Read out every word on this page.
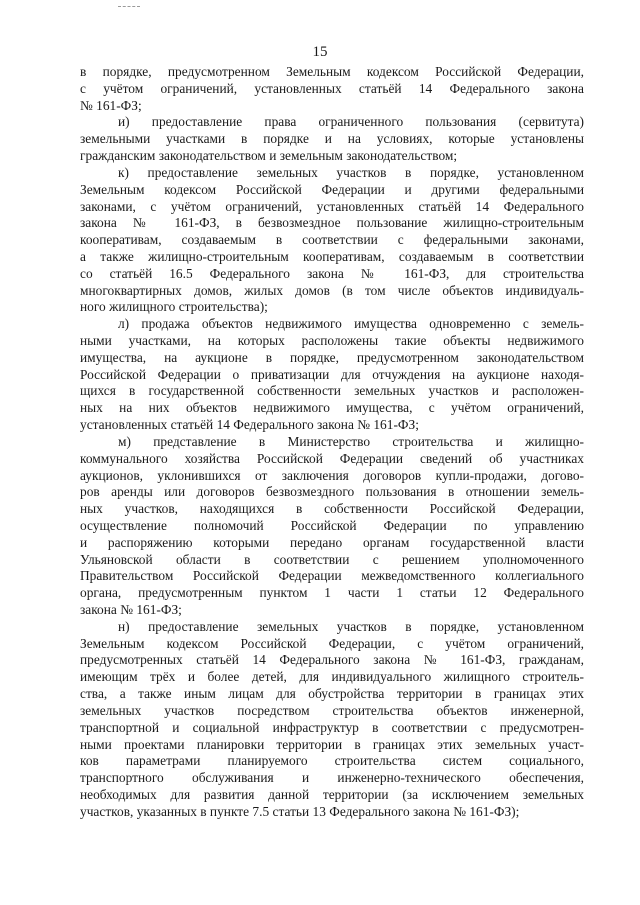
15
в порядке, предусмотренном Земельным кодексом Российской Федерации,
с учётом ограничений, установленных статьёй 14 Федерального закона
№ 161-ФЗ;
и) предоставление права ограниченного пользования (сервитута)
земельными участками в порядке и на условиях, которые установлены
гражданским законодательством и земельным законодательством;
к) предоставление земельных участков в порядке, установленном
Земельным кодексом Российской Федерации и другими федеральными
законами, с учётом ограничений, установленных статьёй 14 Федерального
закона № 161-ФЗ, в безвозмездное пользование жилищно-строительным
кооперативам, создаваемым в соответствии с федеральными законами,
а также жилищно-строительным кооперативам, создаваемым в соответствии
со статьёй 16.5 Федерального закона № 161-ФЗ, для строительства
многоквартирных домов, жилых домов (в том числе объектов индивидуаль-
ного жилищного строительства);
л) продажа объектов недвижимого имущества одновременно с земель-
ными участками, на которых расположены такие объекты недвижимого
имущества, на аукционе в порядке, предусмотренном законодательством
Российской Федерации о приватизации для отчуждения на аукционе находя-
щихся в государственной собственности земельных участков и расположен-
ных на них объектов недвижимого имущества, с учётом ограничений,
установленных статьёй 14 Федерального закона № 161-ФЗ;
м) представление в Министерство строительства и жилищно-
коммунального хозяйства Российской Федерации сведений об участниках
аукционов, уклонившихся от заключения договоров купли-продажи, догово-
ров аренды или договоров безвозмездного пользования в отношении земель-
ных участков, находящихся в собственности Российской Федерации,
осуществление полномочий Российской Федерации по управлению
и распоряжению которыми передано органам государственной власти
Ульяновской области в соответствии с решением уполномоченного
Правительством Российской Федерации межведомственного коллегиального
органа, предусмотренным пунктом 1 части 1 статьи 12 Федерального
закона № 161-ФЗ;
н) предоставление земельных участков в порядке, установленном
Земельным кодексом Российской Федерации, с учётом ограничений,
предусмотренных статьёй 14 Федерального закона № 161-ФЗ, гражданам,
имеющим трёх и более детей, для индивидуального жилищного строитель-
ства, а также иным лицам для обустройства территории в границах этих
земельных участков посредством строительства объектов инженерной,
транспортной и социальной инфраструктур в соответствии с предусмотрен-
ными проектами планировки территории в границах этих земельных участ-
ков параметрами планируемого строительства систем социального,
транспортного обслуживания и инженерно-технического обеспечения,
необходимых для развития данной территории (за исключением земельных
участков, указанных в пункте 7.5 статьи 13 Федерального закона № 161-ФЗ);
